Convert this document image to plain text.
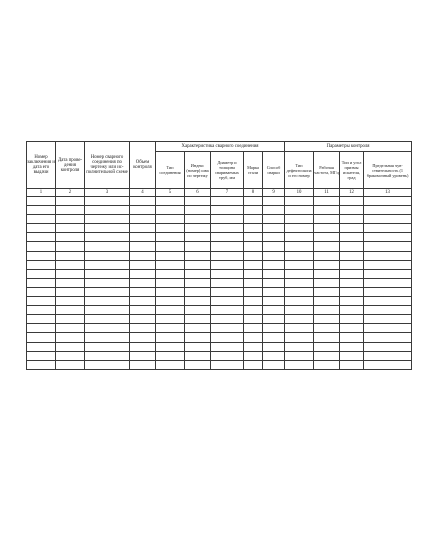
Номер заключения и дата его выдачи	Дата прове- дения контроля	Номер сварного соединения по чертежу или ис- полнительной схеме	Объем контроля	Характеристика сварного соединения					Параметры контроля			
				Тип соединения	Индекс (номер) шва по чертежу	Диаметр и толщина свариваемых труб, мм	Марка стали	Способ сварки	Тип дефектоскопа и его номер	Рабочая частота, МГц	Тип и угол призмы искателя, град	Предельная чув- ствительность (1 бракомочный уровень)
1	2	3	4	5	6	7	8	9	10	11	12	13
